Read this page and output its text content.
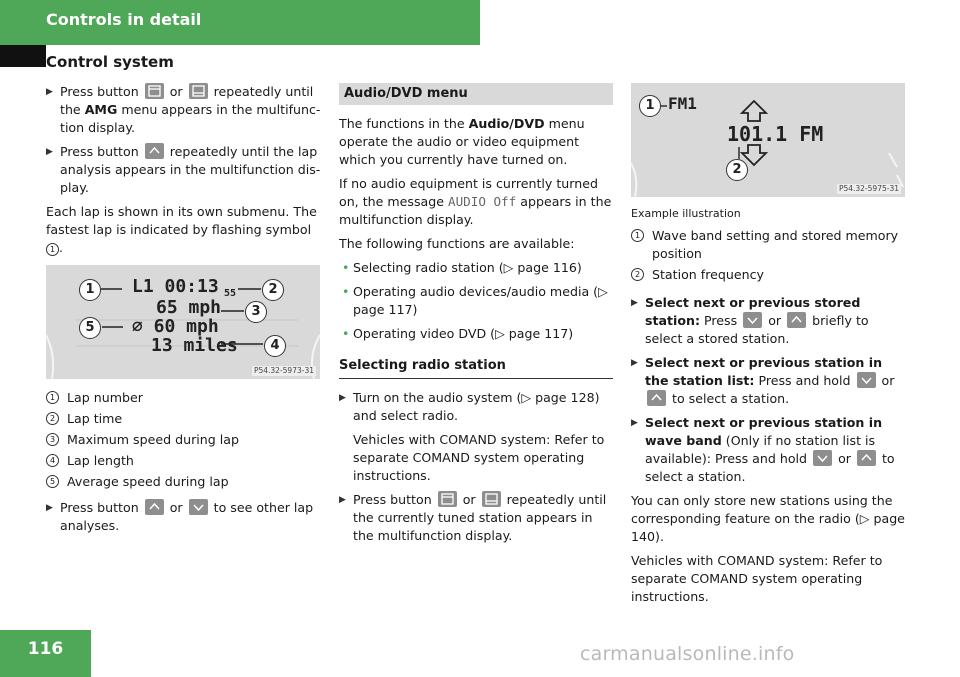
Controls in detail
Control system
▶ Press button or repeatedly until the AMG menu appears in the multifunction display.
▶ Press button repeatedly until the lap analysis appears in the multifunction display.

Each lap is shown in its own submenu. The fastest lap is indicated by flashing symbol 1 .

L1 00:13 55
65 mph
∅ 60 mph
13 miles
1	2
3
4
5
P54.32-5973-31
1 Lap number
2 Lap time
3 Maximum speed during lap
4 Lap length
5 Average speed during lap
▶ Press button or to see other lap analyses.
Audio/DVD menu

The functions in the Audio/DVD menu operate the audio or video equipment which you currently have turned on.

If no audio equipment is currently turned on, the message AUDIO Off appears in the multifunction display.

The following functions are available:

• Selecting radio station (▷ page 116)
• Operating audio devices/audio media (▷ page 117)
• Operating video DVD (▷ page 117)
Selecting radio station
▶ Turn on the audio system (▷ page 128) and select radio.
Vehicles with COMAND system: Refer to separate COMAND system operating instructions.
▶ Press button or repeatedly until the currently tuned station appears in the multifunction display.
FM1
101.1 FM
1
2
P54.32-5975-31
Example illustration
1 Wave band setting and stored memory position
2 Station frequency
▶ Select next or previous stored station: Press or briefly to select a stored station.
▶ Select next or previous station in the station list: Press and hold or
to select a station.
▶ Select next or previous station in wave band (Only if no station list is available): Press and hold or to select a station.

You can only store new stations using the corresponding feature on the radio (▷ page 140).

Vehicles with COMAND system: Refer to separate COMAND system operating instructions.

116	carmanualsonline.info
